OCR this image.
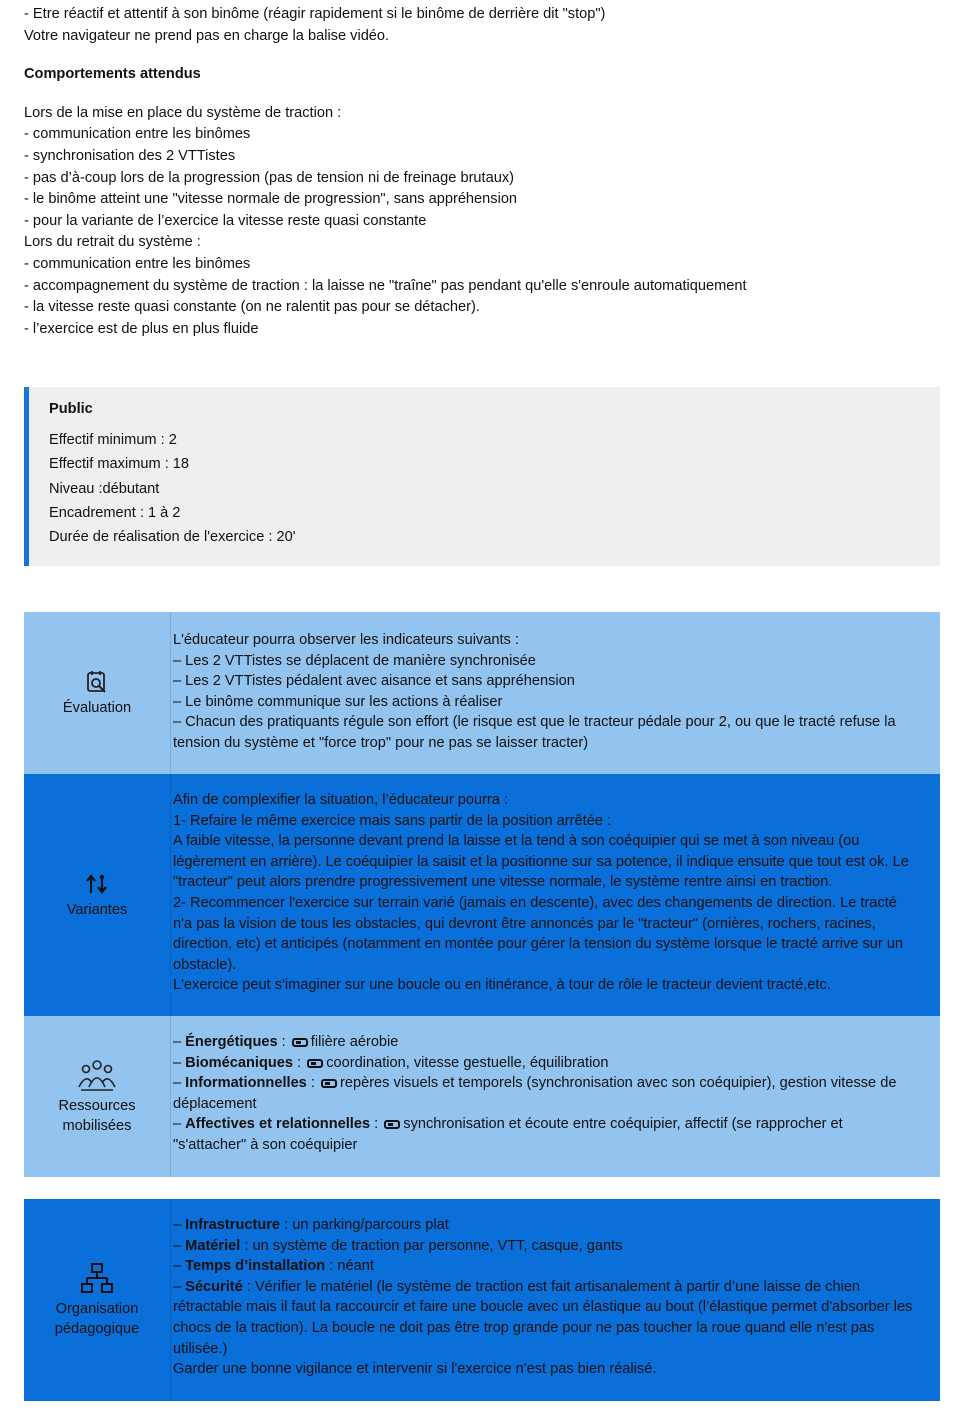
- Etre réactif et attentif à son binôme (réagir rapidement si le binôme de derrière dit "stop")
Votre navigateur ne prend pas en charge la balise vidéo.
Comportements attendus
Lors de la mise en place du système de traction :
- communication entre les binômes
- synchronisation des 2 VTTistes
- pas d’à-coup lors de la progression (pas de tension ni de freinage brutaux)
- le binôme atteint une "vitesse normale de progression", sans appréhension
- pour la variante de l’exercice la vitesse reste quasi constante
Lors du retrait du système :
- communication entre les binômes
- accompagnement du système de traction : la laisse ne "traîne" pas pendant qu'elle s'enroule automatiquement
- la vitesse reste quasi constante (on ne ralentit pas pour se détacher).
- l’exercice est de plus en plus fluide
Public
Effectif minimum : 2
Effectif maximum : 18
Niveau :débutant
Encadrement : 1 à 2
Durée de réalisation de l'exercice : 20'
Évaluation
L'éducateur pourra observer les indicateurs suivants :
– Les 2 VTTistes se déplacent de manière synchronisée
– Les 2 VTTistes pédalent avec aisance et sans appréhension
– Le binôme communique sur les actions à réaliser
– Chacun des pratiquants régule son effort (le risque est que le tracteur pédale pour 2, ou que le tracté refuse la tension du système et "force trop" pour ne pas se laisser tracter)
Variantes
Afin de complexifier la situation, l’éducateur pourra :
1- Refaire le même exercice mais sans partir de la position arrêtée :
A faible vitesse, la personne devant prend la laisse et la tend à son coéquipier qui se met à son niveau (ou légèrement en arrière). Le coéquipier la saisit et la positionne sur sa potence, il indique ensuite que tout est ok. Le "tracteur" peut alors prendre progressivement une vitesse normale, le système rentre ainsi en traction.
2- Recommencer l'exercice sur terrain varié (jamais en descente), avec des changements de direction. Le tracté n'a pas la vision de tous les obstacles, qui devront être annoncés par le "tracteur" (ornières, rochers, racines, direction, etc) et anticipés (notamment en montée pour gérer la tension du système lorsque le tracté arrive sur un obstacle).
L'exercice peut s'imaginer sur une boucle ou en itinérance, à tour de rôle le tracteur devient tracté,etc.
Ressources
mobilisées
– Énergétiques : filière aérobie
– Biomécaniques : coordination, vitesse gestuelle, équilibration
– Informationnelles : repères visuels et temporels (synchronisation avec son coéquipier), gestion vitesse de déplacement
– Affectives et relationnelles : synchronisation et écoute entre coéquipier, affectif (se rapprocher et "s'attacher" à son coéquipier
Organisation
pédagogique
– Infrastructure : un parking/parcours plat
– Matériel : un système de traction par personne, VTT, casque, gants
– Temps d’installation : néant
– Sécurité : Vérifier le matériel (le système de traction est fait artisanalement à partir d’une laisse de chien rétractable mais il faut la raccourcir et faire une boucle avec un élastique au bout (l’élastique permet d'absorber les chocs de la traction). La boucle ne doit pas être trop grande pour ne pas toucher la roue quand elle n'est pas utilisée.)
Garder une bonne vigilance et intervenir si l'exercice n'est pas bien réalisé.
